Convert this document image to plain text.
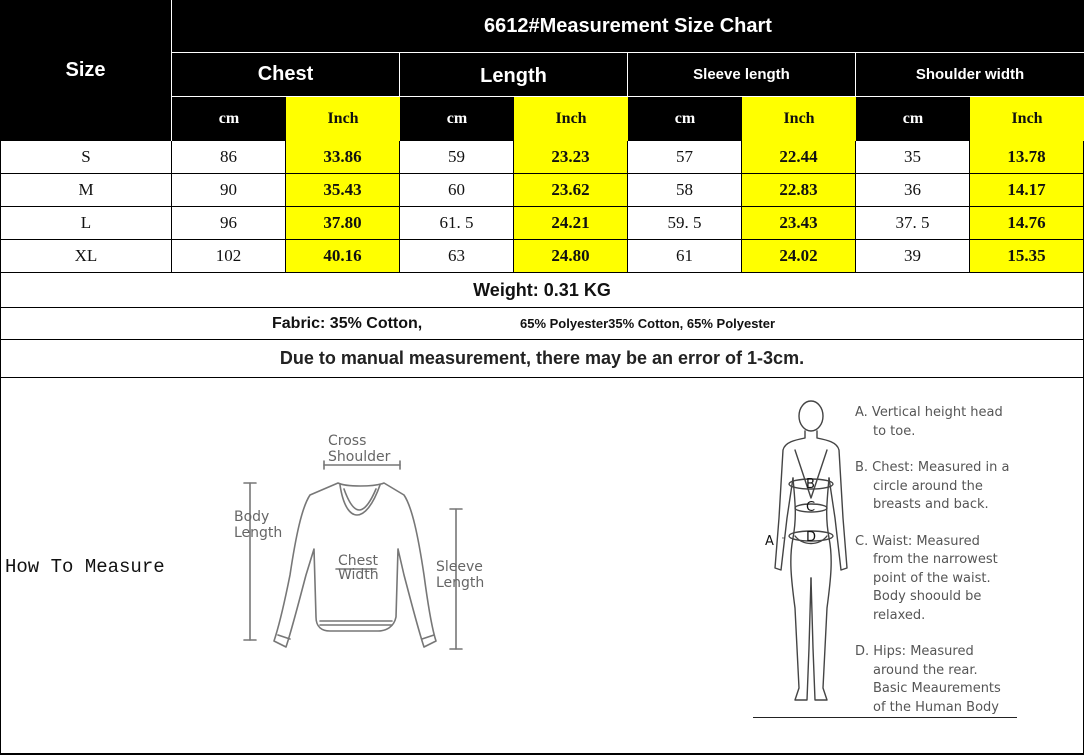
Size
6612#Measurement Size Chart
Chest	Length	Sleeve length	Shoulder width
cm	Inch	cm	Inch	cm	Inch	cm	Inch
S	86	33.86	59	23.23	57	22.44	35	13.78
M	90	35.43	60	23.62	58	22.83	36	14.17
L	96	37.80	61. 5	24.21	59. 5	23.43	37. 5	14.76
XL	102	40.16	63	24.80	61	24.02	39	15.35
Weight: 0.31 KG
Fabric: 35% Cotton,	65% Polyester35% Cotton, 65% Polyester
Due to manual measurement, there may be an error of 1-3cm.
How To Measure
Cross
Shoulder
Body
Length
Chest
Width	Sleeve
Length
A
B
C
D
A. Vertical height head
to toe.
B. Chest: Measured in a
circle around the
breasts and back.
C. Waist: Measured
from the narrowest
point of the waist.
Body shoould be
relaxed.
D. Hips: Measured
around the rear.
Basic Meaurements
of the Human Body
